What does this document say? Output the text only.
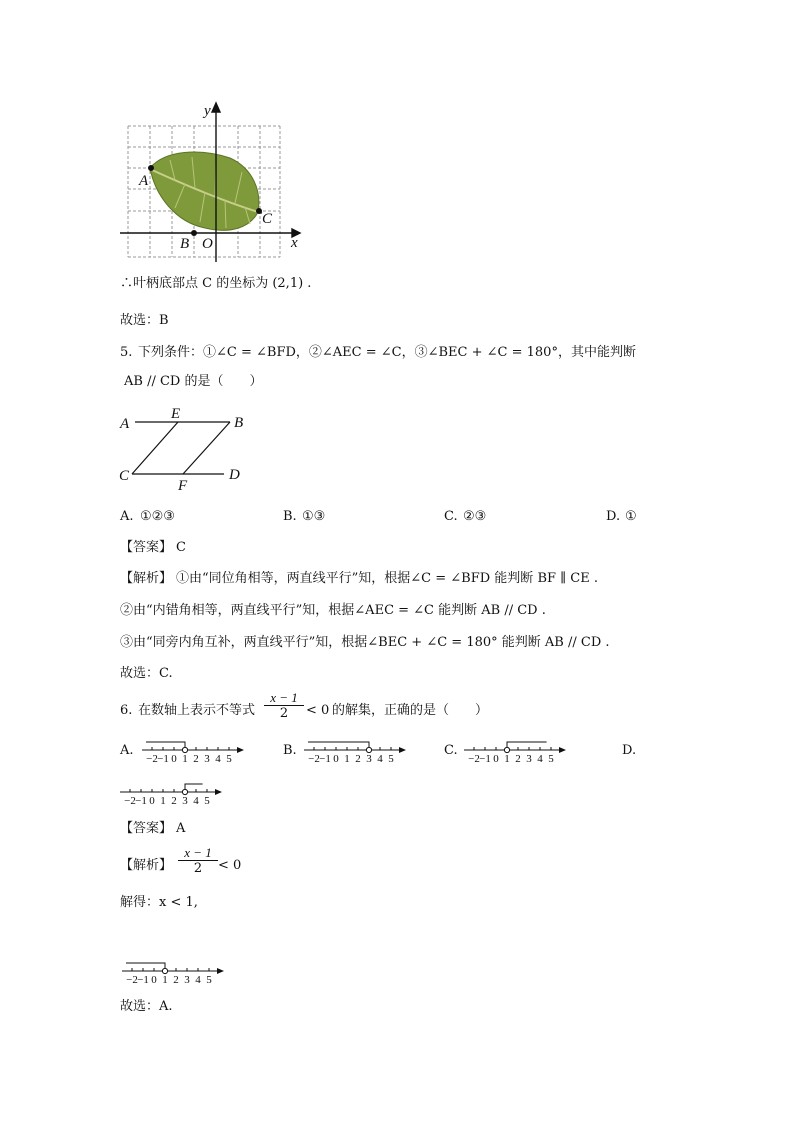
y
x
A
B O
C
∴叶柄底部点 C 的坐标为 (2,1) .
故选：B
5. 下列条件：①∠C = ∠BFD，②∠AEC = ∠C，③∠BEC + ∠C = 180°，其中能判断
AB // CD 的是（　　）
A
E
B
C
F
D
A. ①②③	B. ①③	C. ②③	D. ①
【答案】 C
【解析】 ①由“同位角相等，两直线平行”知，根据∠C = ∠BFD 能判断 BF ∥ CE .
②由“内错角相等，两直线平行”知，根据∠AEC = ∠C 能判断 AB // CD .
③由“同旁内角互补，两直线平行”知，根据∠BEC + ∠C = 180° 能判断 AB // CD .
故选：C.
6. 在数轴上表示不等式 $\frac{x - 1}{2} < 0$ 的解集，正确的是（　　）
A.	B.	C.	D.
−2 −1 0 1 2 3 4 5	−2 −1 0 1 2 3 4 5	−2 −1 0 1 2 3 4 5
−2 −1 0 1 2 3 4 5
【答案】 A
【解析】 $\frac{x - 1}{2} < 0$
解得：x < 1,
−2 −1 0 1 2 3 4 5
故选：A.
